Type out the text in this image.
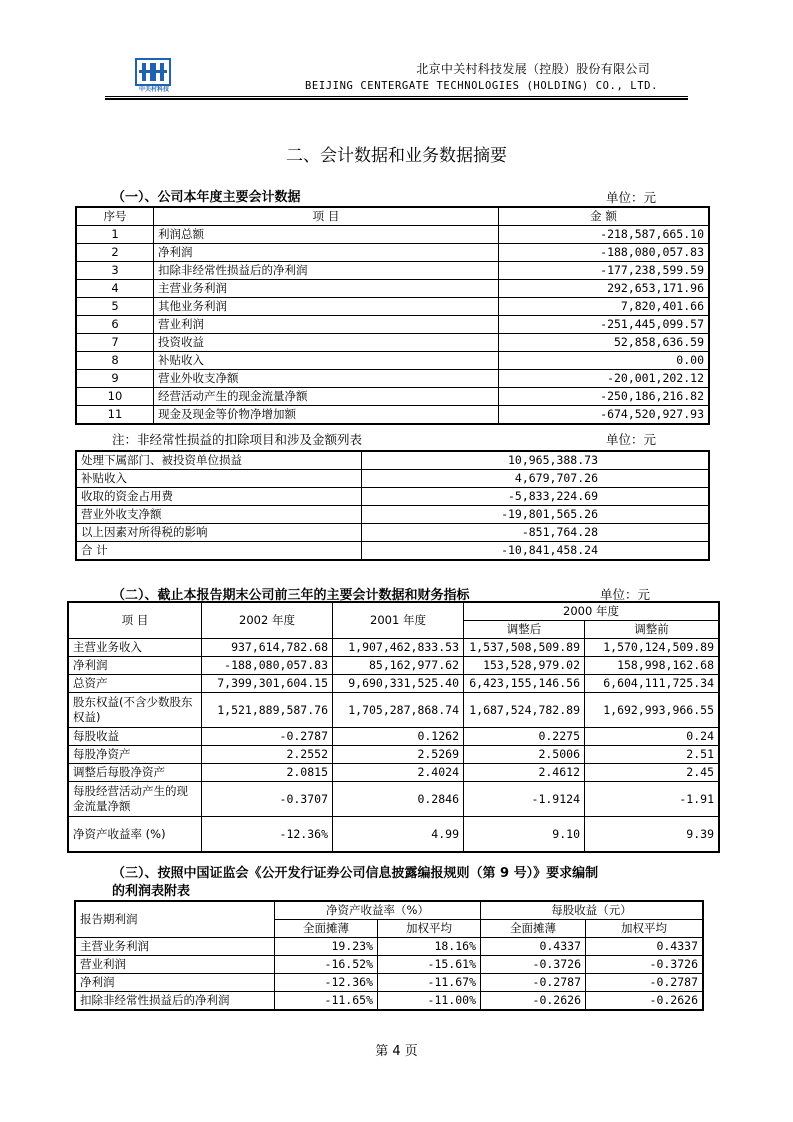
中关村科技
北京中关村科技发展（控股）股份有限公司
BEIJING CENTERGATE TECHNOLOGIES (HOLDING) CO., LTD.
二、会计数据和业务数据摘要
（一）、公司本年度主要会计数据	单位：元
序号	项 目	金 额
1	利润总额	-218,587,665.10
2	净利润	-188,080,057.83
3	扣除非经常性损益后的净利润	-177,238,599.59
4	主营业务利润	292,653,171.96
5	其他业务利润	7,820,401.66
6	营业利润	-251,445,099.57
7	投资收益	52,858,636.59
8	补贴收入	0.00
9	营业外收支净额	-20,001,202.12
10	经营活动产生的现金流量净额	-250,186,216.82
11	现金及现金等价物净增加额	-674,520,927.93
注：非经常性损益的扣除项目和涉及金额列表	单位：元
处理下属部门、被投资单位损益	10,965,388.73
补贴收入	4,679,707.26
收取的资金占用费	-5,833,224.69
营业外收支净额	-19,801,565.26
以上因素对所得税的影响	-851,764.28
合 计	-10,841,458.24
（二）、截止本报告期末公司前三年的主要会计数据和财务指标	单位：元
项 目	2002 年度	2001 年度	2000 年度	
			调整后	调整前
主营业务收入	937,614,782.68	1,907,462,833.53	1,537,508,509.89	1,570,124,509.89
净利润	-188,080,057.83	85,162,977.62	153,528,979.02	158,998,162.68
总资产	7,399,301,604.15	9,690,331,525.40	6,423,155,146.56	6,604,111,725.34
股东权益(不含少数股东权益)	1,521,889,587.76	1,705,287,868.74	1,687,524,782.89	1,692,993,966.55
每股收益	-0.2787	0.1262	0.2275	0.24
每股净资产	2.2552	2.5269	2.5006	2.51
调整后每股净资产	2.0815	2.4024	2.4612	2.45
每股经营活动产生的现金流量净额	-0.3707	0.2846	-1.9124	-1.91
净资产收益率 (%)	-12.36%	4.99	9.10	9.39
（三）、按照中国证监会《公开发行证券公司信息披露编报规则（第 9 号）》要求编制
的利润表附表
报告期利润	净资产收益率（%）		每股收益（元）	
	全面摊薄	加权平均	全面摊薄	加权平均
主营业务利润	19.23%	18.16%	0.4337	0.4337
营业利润	-16.52%	-15.61%	-0.3726	-0.3726
净利润	-12.36%	-11.67%	-0.2787	-0.2787
扣除非经常性损益后的净利润	-11.65%	-11.00%	-0.2626	-0.2626
第 4 页
